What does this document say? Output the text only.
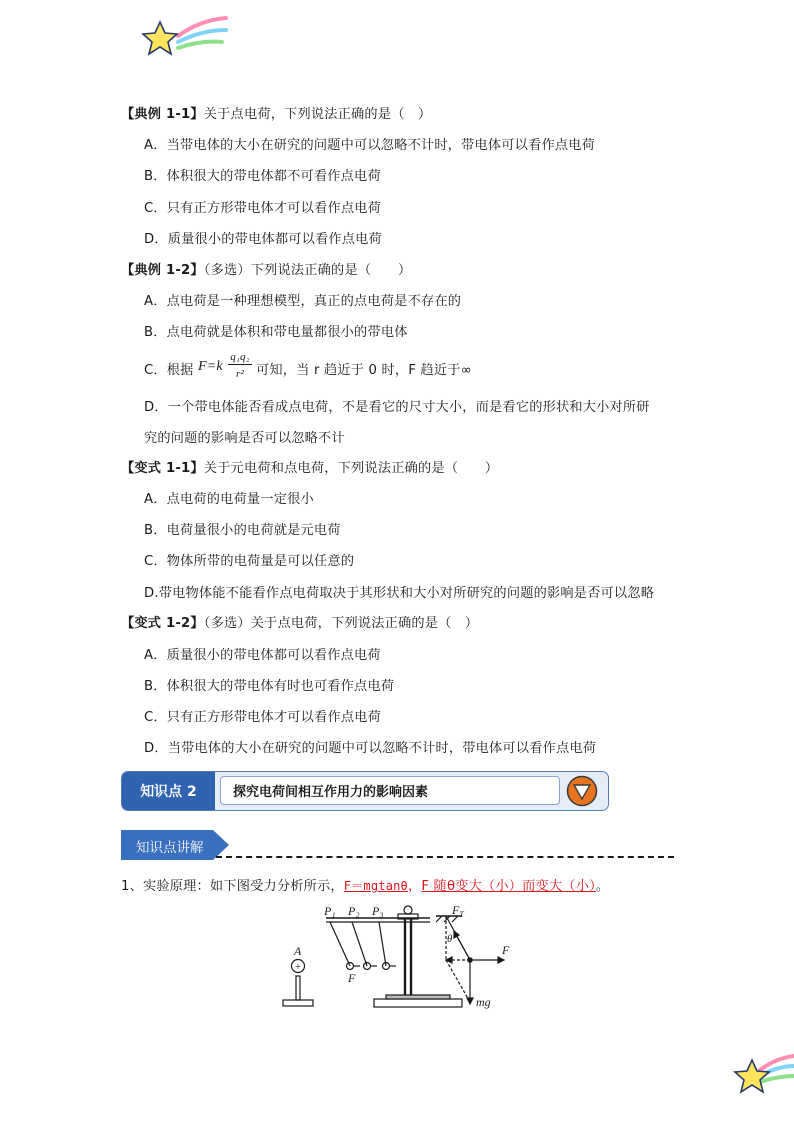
【典例 1-1】关于点电荷，下列说法正确的是（　）
A．当带电体的大小在研究的问题中可以忽略不计时，带电体可以看作点电荷
B．体积很大的带电体都不可看作点电荷
C．只有正方形带电体才可以看作点电荷
D．质量很小的带电体都可以看作点电荷
【典例 1-2】（多选）下列说法正确的是（　　）
A．点电荷是一种理想模型，真正的点电荷是不存在的
B．点电荷就是体积和带电量都很小的带电体
C．根据 F=k
q₁q₂
r² 可知，当 r 趋近于 0 时，F 趋近于∞
D．一个带电体能否看成点电荷，不是看它的尺寸大小，而是看它的形状和大小对所研
究的问题的影响是否可以忽略不计
【变式 1-1】关于元电荷和点电荷，下列说法正确的是（　　）
A．点电荷的电荷量一定很小
B．电荷量很小的电荷就是元电荷
C．物体所带的电荷量是可以任意的
D.带电物体能不能看作点电荷取决于其形状和大小对所研究的问题的影响是否可以忽略
【变式 1-2】（多选）关于点电荷，下列说法正确的是（　）
A．质量很小的带电体都可以看作点电荷
B．体积很大的带电体有时也可看作点电荷
C．只有正方形带电体才可以看作点电荷
D．当带电体的大小在研究的问题中可以忽略不计时，带电体可以看作点电荷
知识点 2	探究电荷间相互作用力的影响因素
知识点讲解
1、实验原理：如下图受力分析所示，F＝mgtanθ，F 随θ变大（小）而变大（小）。
+
A
P₁ P₂ P₃
F
$F_T$
θ
F
mg
